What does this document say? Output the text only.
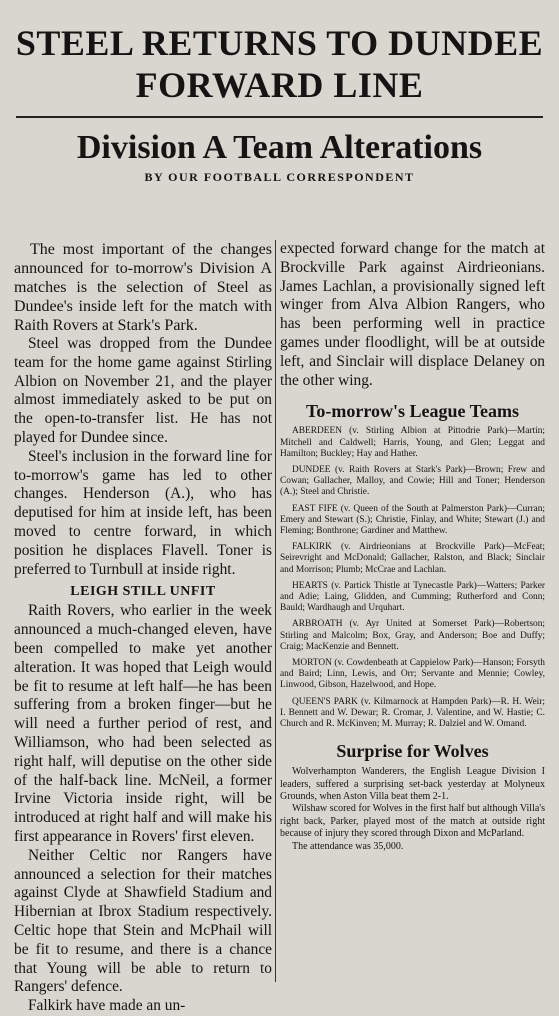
STEEL RETURNS TO DUNDEE
FORWARD LINE
Division A Team Alterations
BY OUR FOOTBALL CORRESPONDENT

The most important of the changes announced for to-morrow's Division A matches is the selection of Steel as Dundee's inside left for the match with Raith Rovers at Stark's Park.

Steel was dropped from the Dundee team for the home game against Stirling Albion on November 21, and the player almost immediately asked to be put on the open-to-transfer list. He has not played for Dundee since.

Steel's inclusion in the forward line for to-morrow's game has led to other changes. Henderson (A.), who has deputised for him at inside left, has been moved to centre forward, in which position he displaces Flavell. Toner is preferred to Turnbull at inside right.

LEIGH STILL UNFIT

Raith Rovers, who earlier in the week announced a much-changed eleven, have been compelled to make yet another alteration. It was hoped that Leigh would be fit to resume at left half—he has been suffering from a broken finger—but he will need a further period of rest, and Williamson, who had been selected as right half, will deputise on the other side of the half-back line. McNeil, a former Irvine Victoria inside right, will be introduced at right half and will make his first appearance in Rovers' first eleven.

Neither Celtic nor Rangers have announced a selection for their matches against Clyde at Shawfield Stadium and Hibernian at Ibrox Stadium respectively. Celtic hope that Stein and McPhail will be fit to resume, and there is a chance that Young will be able to return to Rangers' defence.

Falkirk have made an un-

expected forward change for the match at Brockville Park against Airdrieonians. James Lachlan, a provisionally signed left winger from Alva Albion Rangers, who has been performing well in practice games under floodlight, will be at outside left, and Sinclair will displace Delaney on the other wing.

To-morrow's League Teams

ABERDEEN (v. Stirling Albion at Pittodrie Park)—Martin; Mitchell and Caldwell; Harris, Young, and Glen; Leggat and Hamilton; Buckley; Hay and Hather.

DUNDEE (v. Raith Rovers at Stark's Park)—Brown; Frew and Cowan; Gallacher, Malloy, and Cowie; Hill and Toner; Henderson (A.); Steel and Christie.

EAST FIFE (v. Queen of the South at Palmerston Park)—Curran; Emery and Stewart (S.); Christie, Finlay, and White; Stewart (J.) and Fleming; Bonthrone; Gardiner and Matthew.

FALKIRK (v. Airdrieonians at Brockville Park)—McFeat; Seirevright and McDonald; Gallacher, Ralston, and Black; Sinclair and Morrison; Plumb; McCrae and Lachlan.

HEARTS (v. Partick Thistle at Tynecastle Park)—Watters; Parker and Adie; Laing, Glidden, and Cumming; Rutherford and Conn; Bauld; Wardhaugh and Urquhart.

ARBROATH (v. Ayr United at Somerset Park)—Robertson; Stirling and Malcolm; Box, Gray, and Anderson; Boe and Duffy; Craig; MacKenzie and Bennett.

MORTON (v. Cowdenbeath at Cappielow Park)—Hanson; Forsyth and Baird; Linn, Lewis, and Orr; Servante and Mennie; Cowley, Linwood, Gibson, Hazelwood, and Hope.

QUEEN'S PARK (v. Kilmarnock at Hampden Park)—R. H. Weir; I. Bennett and W. Dewar; R. Cromar, J. Valentine, and W. Hastie; C. Church and R. McKinven; M. Murray; R. Dalziel and W. Omand.

Surprise for Wolves

Wolverhampton Wanderers, the English League Division I leaders, suffered a surprising set-back yesterday at Molyneux Grounds, when Aston Villa beat them 2-1.

Wilshaw scored for Wolves in the first half but although Villa's right back, Parker, played most of the match at outside right because of injury they scored through Dixon and McParland.

The attendance was 35,000.
